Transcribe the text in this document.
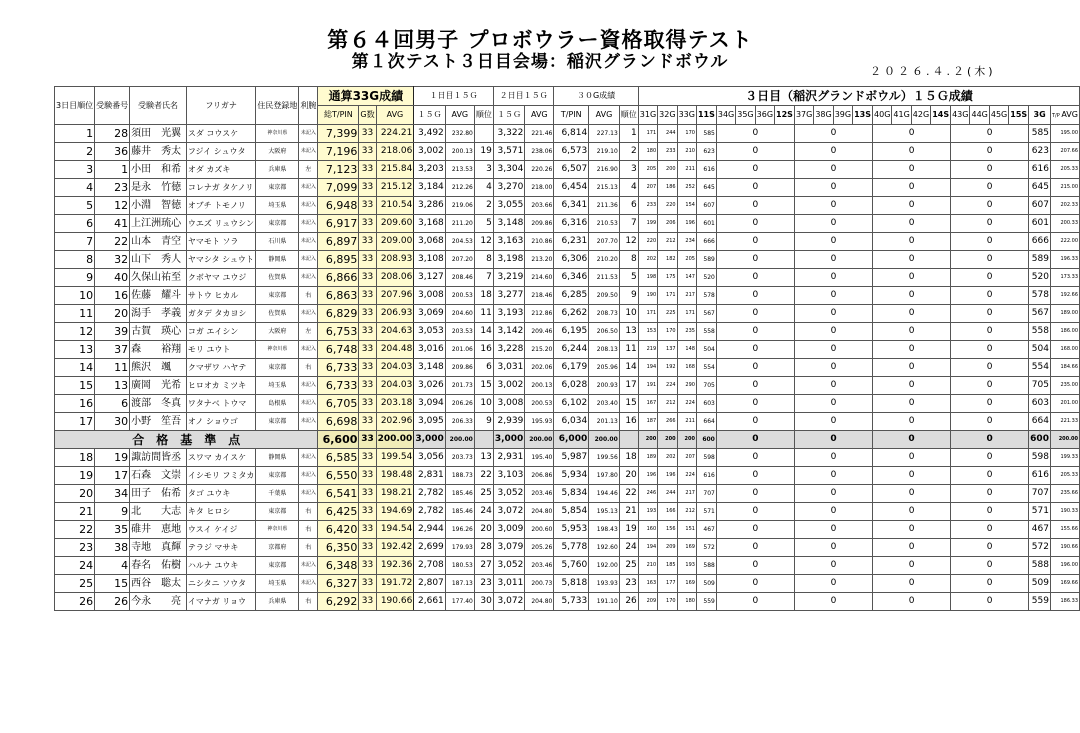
第６４回男子 プロボウラー資格取得テスト
第１次テスト３日目会場：稲沢グランドボウル	２０２６.４.２(木)
3日目順位	受験番号	受験者氏名	フリガナ	住民登録地	利腕	通算33G成績			１日目１５Ｇ			２日目１５Ｇ		３０G成績			３日目（稲沢グランドボウル）１５Ｇ成績																					
						総T/PIN	G数	AVG	１５Ｇ	AVG	順位	１５Ｇ	AVG	T/PIN	AVG	順位	31G	32G	33G	11S	34G	35G	36G	12S	37G	38G	39G	13S	40G	41G	42G	14S	43G	44G	45G	15S	3G	T/P AVG
1	28	須田　光翼	スダ コウスケ	神奈川県	未記入	7,399	33	224.21	3,492	232.80		3,322	221.46	6,814	227.13	1	171	244	170	585	0				0				0				0				585	195.00
2	36	藤井　秀太	フジイ シュウタ	大阪府	未記入	7,196	33	218.06	3,002	200.13	19	3,571	238.06	6,573	219.10	2	180	233	210	623	0				0				0				0				623	207.66
3	1	小田　和希	オダ カズキ	兵庫県	左	7,123	33	215.84	3,203	213.53	3	3,304	220.26	6,507	216.90	3	205	200	211	616	0				0				0				0				616	205.33
4	23	是永　竹徳	コレナガ タケノリ	東京都	未記入	7,099	33	215.12	3,184	212.26	4	3,270	218.00	6,454	215.13	4	207	186	252	645	0				0				0				0				645	215.00
5	12	小淵　智徳	オブチ トモノリ	埼玉県	未記入	6,948	33	210.54	3,286	219.06	2	3,055	203.66	6,341	211.36	6	233	220	154	607	0				0				0				0				607	202.33
6	41	上江洲琉心	ウエズ リュウシン	東京都	未記入	6,917	33	209.60	3,168	211.20	5	3,148	209.86	6,316	210.53	7	199	206	196	601	0				0				0				0				601	200.33
7	22	山本　青空	ヤマモト ソラ	石川県	未記入	6,897	33	209.00	3,068	204.53	12	3,163	210.86	6,231	207.70	12	220	212	234	666	0				0				0				0				666	222.00
8	32	山下　秀人	ヤマシタ シュウト	静岡県	未記入	6,895	33	208.93	3,108	207.20	8	3,198	213.20	6,306	210.20	8	202	182	205	589	0				0				0				0				589	196.33
9	40	久保山祐至	クボヤマ ユウジ	佐賀県	未記入	6,866	33	208.06	3,127	208.46	7	3,219	214.60	6,346	211.53	5	198	175	147	520	0				0				0				0				520	173.33
10	16	佐藤　耀斗	サトウ ヒカル	東京都	右	6,863	33	207.96	3,008	200.53	18	3,277	218.46	6,285	209.50	9	190	171	217	578	0				0				0				0				578	192.66
11	20	潟手　孝義	ガタデ タカヨシ	佐賀県	未記入	6,829	33	206.93	3,069	204.60	11	3,193	212.86	6,262	208.73	10	171	225	171	567	0				0				0				0				567	189.00
12	39	古賀　瑛心	コガ エイシン	大阪府	左	6,753	33	204.63	3,053	203.53	14	3,142	209.46	6,195	206.50	13	153	170	235	558	0				0				0				0				558	186.00
13	37	森　　裕翔	モリ ユウト	神奈川県	未記入	6,748	33	204.48	3,016	201.06	16	3,228	215.20	6,244	208.13	11	219	137	148	504	0				0				0				0				504	168.00
14	11	熊沢　颯	クマザワ ハヤテ	東京都	右	6,733	33	204.03	3,148	209.86	6	3,031	202.06	6,179	205.96	14	194	192	168	554	0				0				0				0				554	184.66
15	13	廣岡　光希	ヒロオカ ミツキ	埼玉県	未記入	6,733	33	204.03	3,026	201.73	15	3,002	200.13	6,028	200.93	17	191	224	290	705	0				0				0				0				705	235.00
16	6	渡部　冬真	ワタナベ トウマ	島根県	未記入	6,705	33	203.18	3,094	206.26	10	3,008	200.53	6,102	203.40	15	167	212	224	603	0				0				0				0				603	201.00
17	30	小野　笙吾	オノ ショウゴ	東京都	未記入	6,698	33	202.96	3,095	206.33	9	2,939	195.93	6,034	201.13	16	187	266	211	664	0				0				0				0				664	221.33
合　格　基　準　点						6,600	33	200.00	3,000	200.00		3,000	200.00	6,000	200.00		200	200	200	600	0				0				0				0				600	200.00
18	19	諏訪間皆丞	スワマ カイスケ	静岡県	未記入	6,585	33	199.54	3,056	203.73	13	2,931	195.40	5,987	199.56	18	189	202	207	598	0				0				0				0				598	199.33
19	17	石森　文崇	イシモリ フミタカ	東京都	未記入	6,550	33	198.48	2,831	188.73	22	3,103	206.86	5,934	197.80	20	196	196	224	616	0				0				0				0				616	205.33
20	34	田子　佑希	タゴ ユウキ	千葉県	未記入	6,541	33	198.21	2,782	185.46	25	3,052	203.46	5,834	194.46	22	246	244	217	707	0				0				0				0				707	235.66
21	9	北　　大志	キタ ヒロシ	東京都	右	6,425	33	194.69	2,782	185.46	24	3,072	204.80	5,854	195.13	21	193	166	212	571	0				0				0				0				571	190.33
22	35	碓井　恵地	ウスイ ケイジ	神奈川県	右	6,420	33	194.54	2,944	196.26	20	3,009	200.60	5,953	198.43	19	160	156	151	467	0				0				0				0				467	155.66
23	38	寺地　真輝	テラジ マサキ	京都府	右	6,350	33	192.42	2,699	179.93	28	3,079	205.26	5,778	192.60	24	194	209	169	572	0				0				0				0				572	190.66
24	4	春名　佑樹	ハルナ ユウキ	東京都	未記入	6,348	33	192.36	2,708	180.53	27	3,052	203.46	5,760	192.00	25	210	185	193	588	0				0				0				0				588	196.00
25	15	西谷　聡太	ニシタニ ソウタ	埼玉県	未記入	6,327	33	191.72	2,807	187.13	23	3,011	200.73	5,818	193.93	23	163	177	169	509	0				0				0				0				509	169.66
26	26	今永　　亮	イマナガ リョウ	兵庫県	右	6,292	33	190.66	2,661	177.40	30	3,072	204.80	5,733	191.10	26	209	170	180	559	0				0				0				0				559	186.33
